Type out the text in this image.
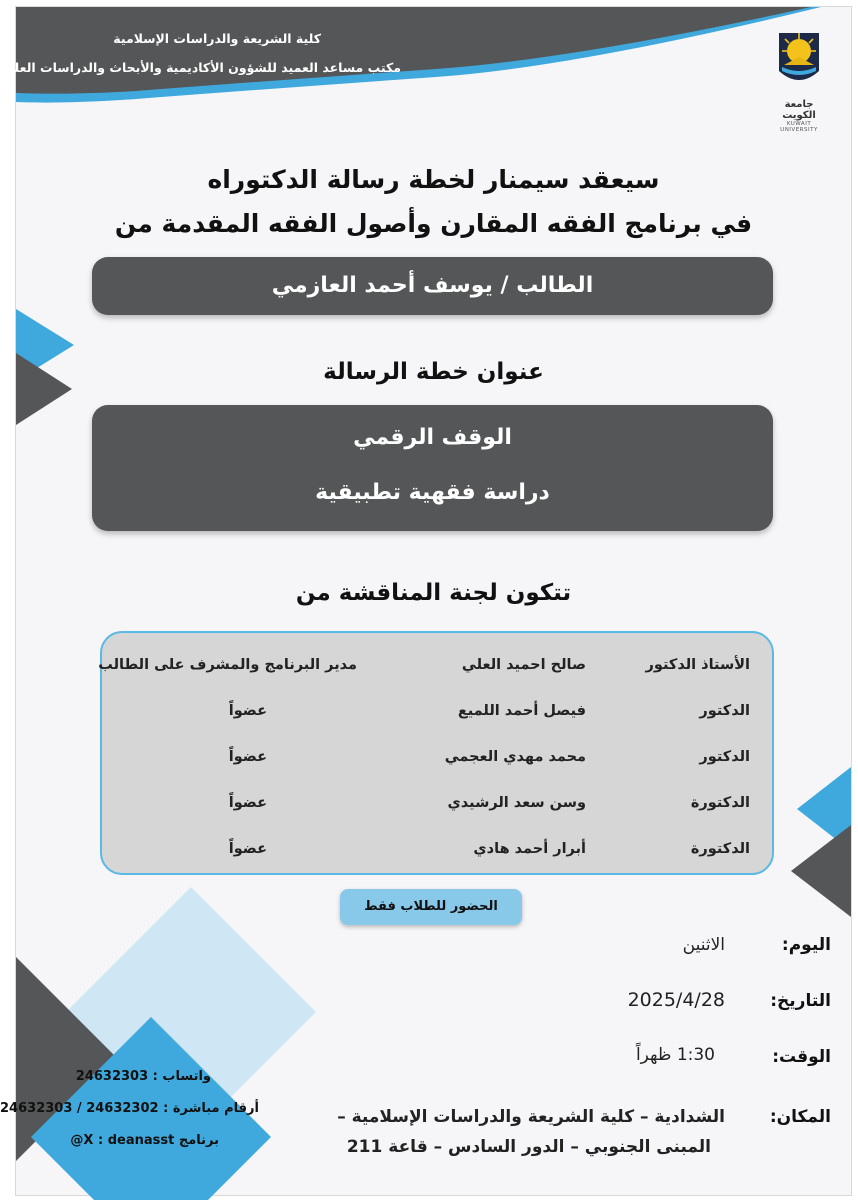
كلية الشريعة والدراسات الإسلامية
مكتب مساعد العميد للشؤون الأكاديمية والأبحاث والدراسات العليا
جامعة الكويت
KUWAIT UNIVERSITY
سيعقد سيمنار لخطة رسالة الدكتوراه
في برنامج الفقه المقارن وأصول الفقه المقدمة من
الطالب / يوسف أحمد العازمي
عنوان خطة الرسالة
الوقف الرقمي
دراسة فقهية تطبيقية
تتكون لجنة المناقشة من
الأستاذ الدكتور
صالح احميد العلي
مدير البرنامج والمشرف على الطالب
الدكتور
فيصل أحمد اللميع
عضواً
الدكتور
محمد مهدي العجمي
عضواً
الدكتورة
وسن سعد الرشيدي
عضواً
الدكتورة
أبرار أحمد هادي
عضواً
الحضور للطلاب فقط
اليوم:
الاثنين
التاريخ:
2025/4/28
الوقت:
1:30 ظهراً
المكان:
الشدادية – كلية الشريعة والدراسات الإسلامية –
المبنى الجنوبي – الدور السادس – قاعة 211
واتساب : 24632303
أرقام مباشرة : 24632302 / 24632303
برنامج X : deanasst@
